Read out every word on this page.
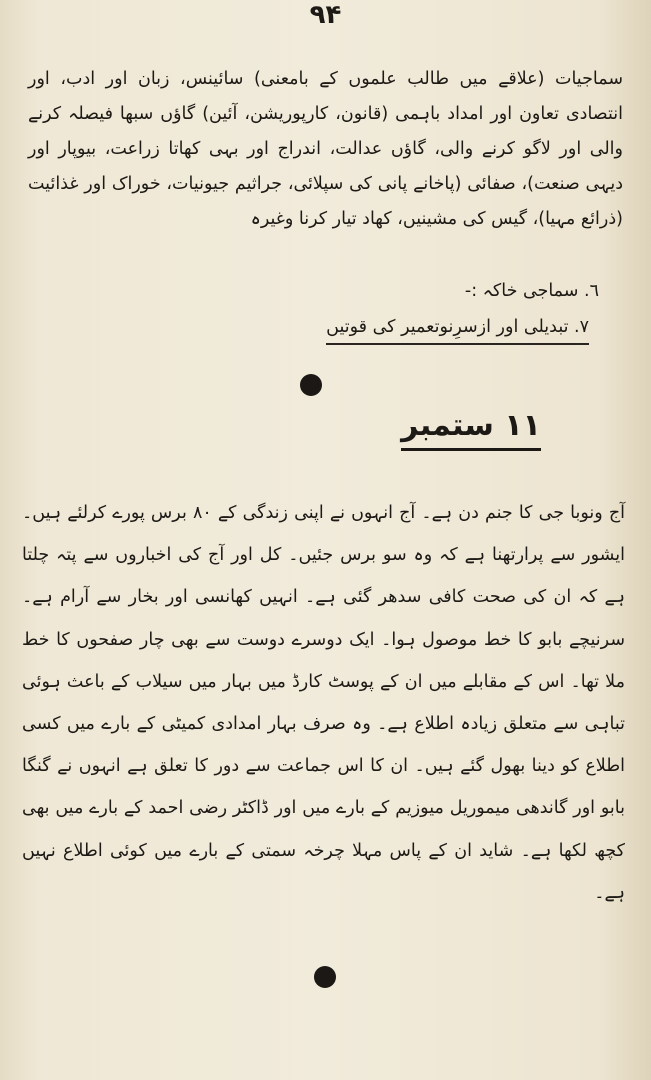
۹۴

سماجیات (علاقے میں طالب علموں کے بامعنی) سائینس، زبان اور ادب، اور انتصادی تعاون اور امداد باہمی (قانون، کارپوریشن، آئین) گاؤں سبھا فیصلہ کرنے والی اور لاگو کرنے والی، گاؤں عدالت، اندراج اور بہی کھاتا زراعت، بیوپار اور دیہی صنعت)، صفائی (پاخانے پانی کی سپلائی، جراثیم جیونیات، خوراک اور غذائیت (ذرائع مہیا)، گیس کی مشینیں، کھاد تیار کرنا وغیرہ

٦. سماجی خاکہ :-
٧. تبدیلی اور ازسرِنوتعمیر کی قوتیں
۱۱ ستمبر

آج ونوبا جی کا جنم دن ہے۔ آج انہوں نے اپنی زندگی کے ۸۰ برس پورے کرلئے ہیں۔ ایشور سے پرارتھنا ہے کہ وہ سو برس جئیں۔ کل اور آج کی اخباروں سے پتہ چلتا ہے کہ ان کی صحت کافی سدھر گئی ہے۔ انہیں کھانسی اور بخار سے آرام ہے۔ سرنیچے بابو کا خط موصول ہوا۔ ایک دوسرے دوست سے بھی چار صفحوں کا خط ملا تھا۔ اس کے مقابلے میں ان کے پوسٹ کارڈ میں بہار میں سیلاب کے باعث ہوئی تباہی سے متعلق زیادہ اطلاع ہے۔ وہ صرف بہار امدادی کمیٹی کے بارے میں کسی اطلاع کو دینا بھول گئے ہیں۔ ان کا اس جماعت سے دور کا تعلق ہے انہوں نے گنگا بابو اور گاندھی میموریل میوزیم کے بارے میں اور ڈاکٹر رضی احمد کے بارے میں بھی کچھ لکھا ہے۔ شاید ان کے پاس مہلا چرخہ سمتی کے بارے میں کوئی اطلاع نہیں ہے۔
